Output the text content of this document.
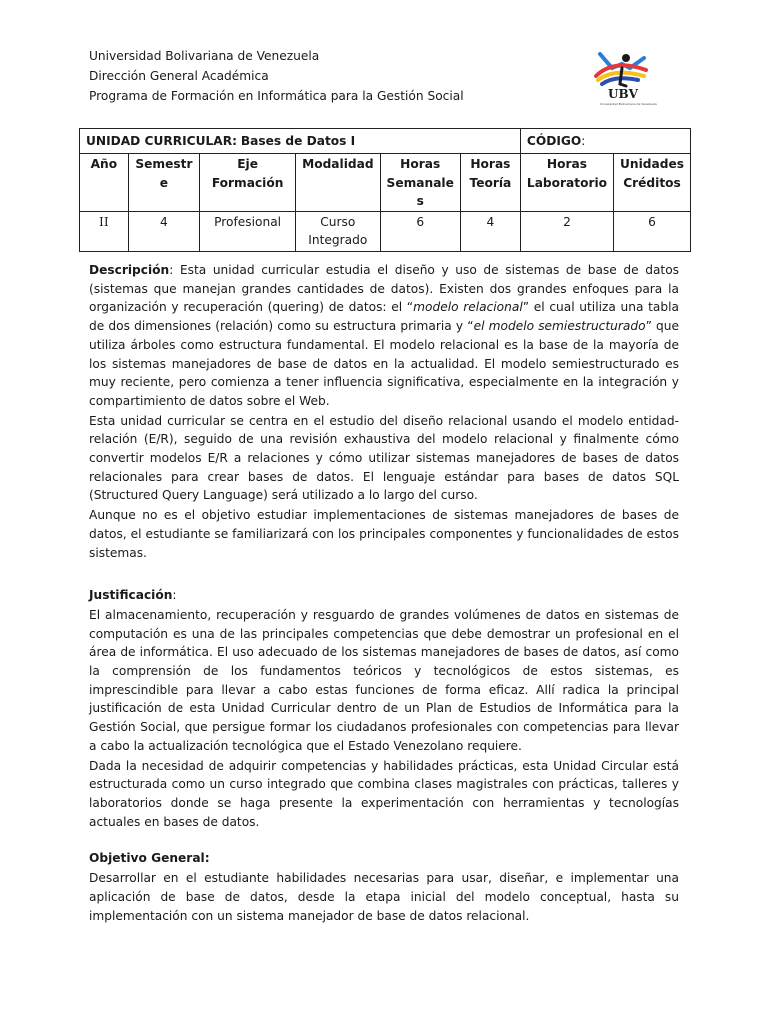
Universidad Bolivariana de Venezuela
Dirección General Académica
Programa de Formación en Informática para la Gestión Social	UBV
Universidad Bolivariana de Venezuela
UNIDAD CURRICULAR: Bases de Datos I						CÓDIGO:	
Año	Semestr e	Eje Formación	Modalidad	Horas Semanale s	Horas Teoría	Horas Laboratorio	Unidades Créditos
II	4	Profesional	Curso Integrado	6	4	2	6

Descripción: Esta unidad curricular estudia el diseño y uso de sistemas de base de datos (sistemas que manejan grandes cantidades de datos). Existen dos grandes enfoques para la organización y recuperación (quering) de datos: el “modelo relacional” el cual utiliza una tabla de dos dimensiones (relación) como su estructura primaria y “el modelo semiestructurado” que utiliza árboles como estructura fundamental. El modelo relacional es la base de la mayoría de los sistemas manejadores de base de datos en la actualidad. El modelo semiestructurado es muy reciente, pero comienza a tener influencia significativa, especialmente en la integración y compartimiento de datos sobre el Web.

Esta unidad curricular se centra en el estudio del diseño relacional usando el modelo entidad-relación (E/R), seguido de una revisión exhaustiva del modelo relacional y finalmente cómo convertir modelos E/R a relaciones y cómo utilizar sistemas manejadores de bases de datos relacionales para crear bases de datos. El lenguaje estándar para bases de datos SQL (Structured Query Language) será utilizado a lo largo del curso.

Aunque no es el objetivo estudiar implementaciones de sistemas manejadores de bases de datos, el estudiante se familiarizará con los principales componentes y funcionalidades de estos sistemas.

Justificación:

El almacenamiento, recuperación y resguardo de grandes volúmenes de datos en sistemas de computación es una de las principales competencias que debe demostrar un profesional en el área de informática. El uso adecuado de los sistemas manejadores de bases de datos, así como la comprensión de los fundamentos teóricos y tecnológicos de estos sistemas, es imprescindible para llevar a cabo estas funciones de forma eficaz. Allí radica la principal justificación de esta Unidad Curricular dentro de un Plan de Estudios de Informática para la Gestión Social, que persigue formar los ciudadanos profesionales con competencias para llevar a cabo la actualización tecnológica que el Estado Venezolano requiere.

Dada la necesidad de adquirir competencias y habilidades prácticas, esta Unidad Circular está estructurada como un curso integrado que combina clases magistrales con prácticas, talleres y laboratorios donde se haga presente la experimentación con herramientas y tecnologías actuales en bases de datos.

Objetivo General:

Desarrollar en el estudiante habilidades necesarias para usar, diseñar, e implementar una aplicación de base de datos, desde la etapa inicial del modelo conceptual, hasta su implementación con un sistema manejador de base de datos relacional.
